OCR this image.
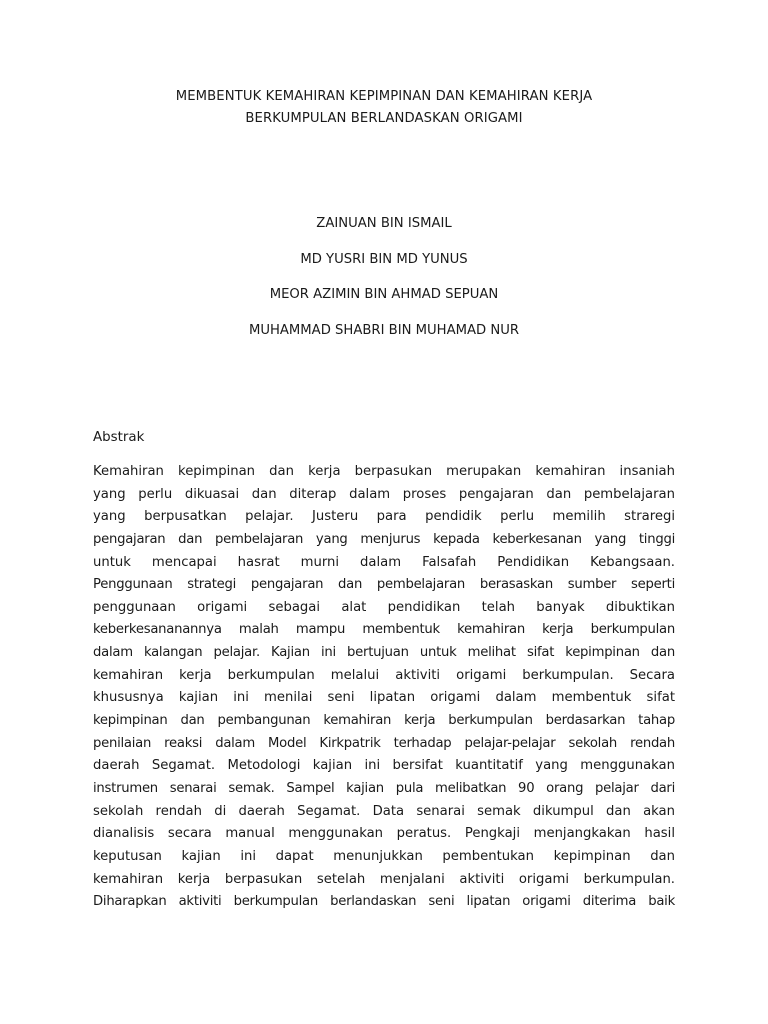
MEMBENTUK KEMAHIRAN KEPIMPINAN DAN KEMAHIRAN KERJA
BERKUMPULAN BERLANDASKAN ORIGAMI
ZAINUAN BIN ISMAIL
MD YUSRI BIN MD YUNUS
MEOR AZIMIN BIN AHMAD SEPUAN
MUHAMMAD SHABRI BIN MUHAMAD NUR
Abstrak
Kemahiran kepimpinan dan kerja berpasukan merupakan kemahiran insaniah
yang perlu dikuasai dan diterap dalam proses pengajaran dan pembelajaran
yang berpusatkan pelajar. Justeru para pendidik perlu memilih straregi
pengajaran dan pembelajaran yang menjurus kepada keberkesanan yang tinggi
untuk mencapai hasrat murni dalam Falsafah Pendidikan Kebangsaan.
Penggunaan strategi pengajaran dan pembelajaran berasaskan sumber seperti
penggunaan origami sebagai alat pendidikan telah banyak dibuktikan
keberkesananannya malah mampu membentuk kemahiran kerja berkumpulan
dalam kalangan pelajar. Kajian ini bertujuan untuk melihat sifat kepimpinan dan
kemahiran kerja berkumpulan melalui aktiviti origami berkumpulan. Secara
khususnya kajian ini menilai seni lipatan origami dalam membentuk sifat
kepimpinan dan pembangunan kemahiran kerja berkumpulan berdasarkan tahap
penilaian reaksi dalam Model Kirkpatrik terhadap pelajar-pelajar sekolah rendah
daerah Segamat. Metodologi kajian ini bersifat kuantitatif yang menggunakan
instrumen senarai semak. Sampel kajian pula melibatkan 90 orang pelajar dari
sekolah rendah di daerah Segamat. Data senarai semak dikumpul dan akan
dianalisis secara manual menggunakan peratus. Pengkaji menjangkakan hasil
keputusan kajian ini dapat menunjukkan pembentukan kepimpinan dan
kemahiran kerja berpasukan setelah menjalani aktiviti origami berkumpulan.
Diharapkan aktiviti berkumpulan berlandaskan seni lipatan origami diterima baik
